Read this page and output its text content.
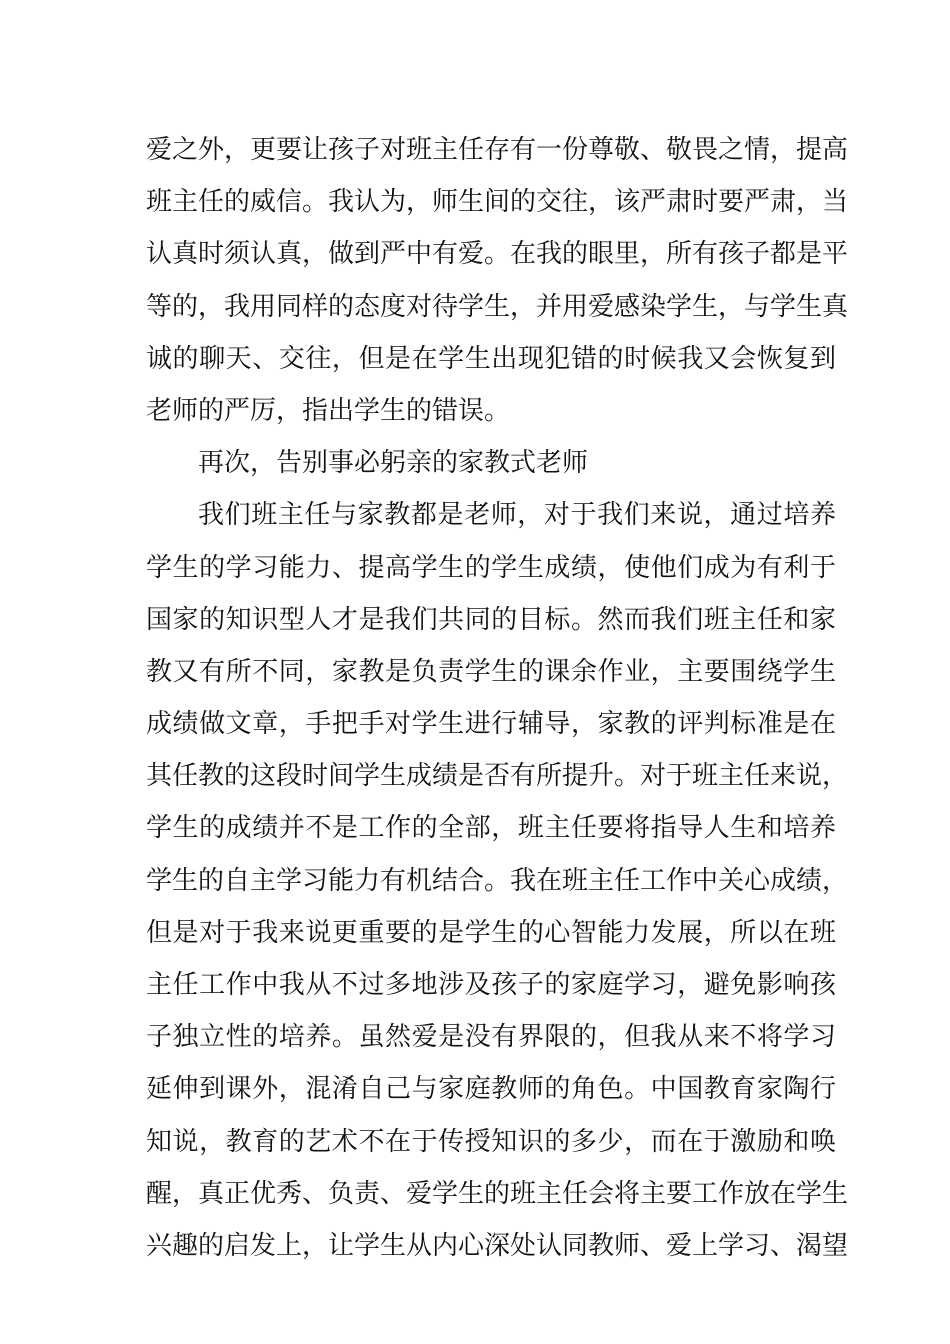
爱之外，更要让孩子对班主任存有一份尊敬、敬畏之情，提高
班主任的威信。我认为，师生间的交往，该严肃时要严肃，当
认真时须认真，做到严中有爱。在我的眼里，所有孩子都是平
等的，我用同样的态度对待学生，并用爱感染学生，与学生真
诚的聊天、交往，但是在学生出现犯错的时候我又会恢复到
老师的严厉，指出学生的错误。
再次，告别事必躬亲的家教式老师
我们班主任与家教都是老师，对于我们来说，通过培养
学生的学习能力、提高学生的学生成绩，使他们成为有利于
国家的知识型人才是我们共同的目标。然而我们班主任和家
教又有所不同，家教是负责学生的课余作业，主要围绕学生
成绩做文章，手把手对学生进行辅导，家教的评判标准是在
其任教的这段时间学生成绩是否有所提升。对于班主任来说，
学生的成绩并不是工作的全部，班主任要将指导人生和培养
学生的自主学习能力有机结合。我在班主任工作中关心成绩，
但是对于我来说更重要的是学生的心智能力发展，所以在班
主任工作中我从不过多地涉及孩子的家庭学习，避免影响孩
子独立性的培养。虽然爱是没有界限的，但我从来不将学习
延伸到课外，混淆自己与家庭教师的角色。中国教育家陶行
知说，教育的艺术不在于传授知识的多少，而在于激励和唤
醒，真正优秀、负责、爱学生的班主任会将主要工作放在学生
兴趣的启发上，让学生从内心深处认同教师、爱上学习、渴望
